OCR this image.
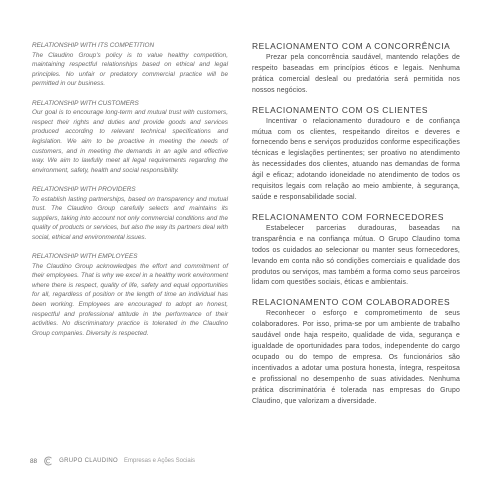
RELATIONSHIP WITH ITS COMPETITION

The Claudino Group's policy is to value healthy competition, maintaining respectful relationships based on ethical and legal principles. No unfair or predatory commercial practice will be permitted in our business.

RELATIONSHIP WITH CUSTOMERS

Our goal is to encourage long-term and mutual trust with customers, respect their rights and duties and provide goods and services produced according to relevant technical specifications and legislation. We aim to be proactive in meeting the needs of customers, and in meeting the demands in an agile and effective way. We aim to lawfully meet all legal requirements regarding the environment, safety, health and social responsibility.

RELATIONSHIP WITH PROVIDERS

To establish lasting partnerships, based on transparency and mutual trust. The Claudino Group carefully selects and maintains its suppliers, taking into account not only commercial conditions and the quality of products or services, but also the way its partners deal with social, ethical and environmental issues.

RELATIONSHIP WITH EMPLOYEES

The Claudino Group acknowledges the effort and commitment of their employees. That is why we excel in a healthy work environment where there is respect, quality of life, safety and equal opportunities for all, regardless of position or the length of time an individual has been working. Employees are encouraged to adopt an honest, respectful and professional attitude in the performance of their activities. No discriminatory practice is tolerated in the Claudino Group companies. Diversity is respected.

RELACIONAMENTO COM A CONCORRÊNCIA

Prezar pela concorrência saudável, mantendo relações de respeito baseadas em princípios éticos e legais. Nenhuma prática comercial desleal ou predatória será permitida nos nossos negócios.

RELACIONAMENTO COM OS CLIENTES

Incentivar o relacionamento duradouro e de confiança mútua com os clientes, respeitando direitos e deveres e fornecendo bens e serviços produzidos conforme especificações técnicas e legislações pertinentes; ser proativo no atendimento às necessidades dos clientes, atuando nas demandas de forma ágil e eficaz; adotando idoneidade no atendimento de todos os requisitos legais com relação ao meio ambiente, à segurança, saúde e responsabilidade social.

RELACIONAMENTO COM FORNECEDORES

Estabelecer parcerias duradouras, baseadas na transparência e na confiança mútua. O Grupo Claudino toma todos os cuidados ao selecionar ou manter seus fornecedores, levando em conta não só condições comerciais e qualidade dos produtos ou serviços, mas também a forma como seus parceiros lidam com questões sociais, éticas e ambientais.

RELACIONAMENTO COM COLABORADORES

Reconhecer o esforço e comprometimento de seus colaboradores. Por isso, prima-se por um ambiente de trabalho saudável onde haja respeito, qualidade de vida, segurança e igualdade de oportunidades para todos, independente do cargo ocupado ou do tempo de empresa. Os funcionários são incentivados a adotar uma postura honesta, íntegra, respeitosa e profissional no desempenho de suas atividades. Nenhuma prática discriminatória é tolerada nas empresas do Grupo Claudino, que valorizam a diversidade.

88	GRUPO CLAUDINO Empresas e Ações Sociais
